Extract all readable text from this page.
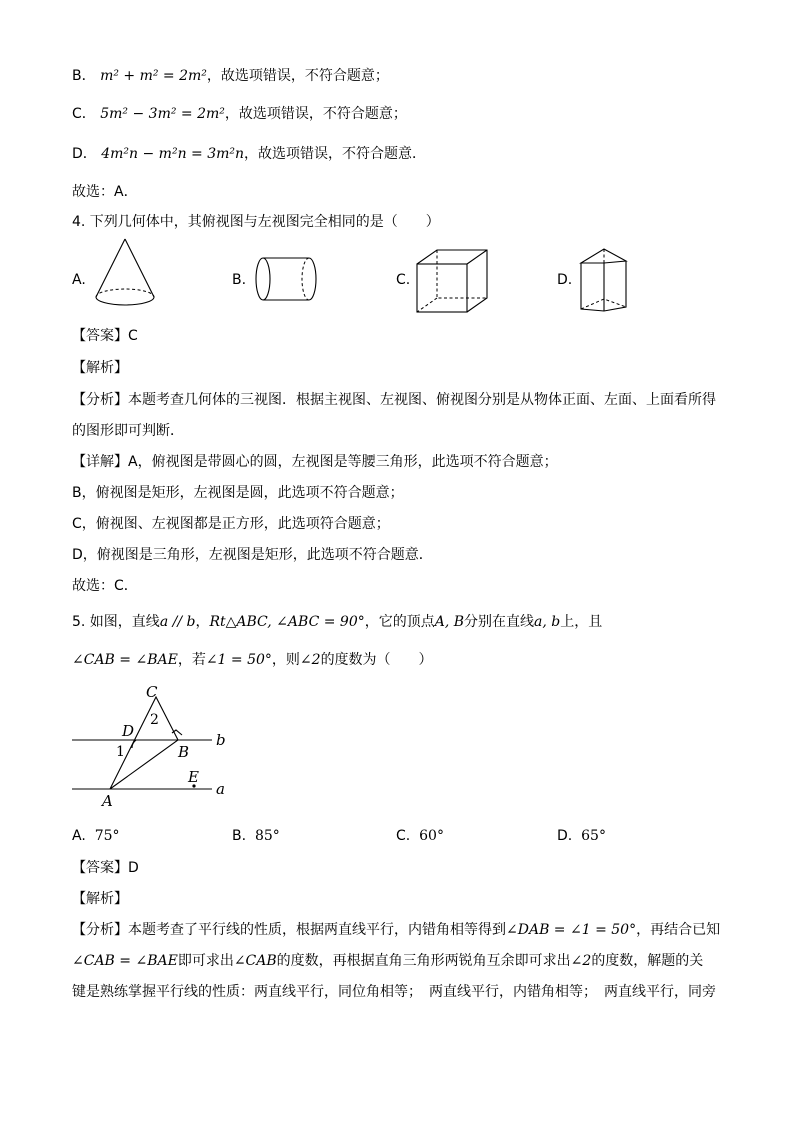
B． m² + m² = 2m²，故选项错误，不符合题意；
C． 5m² − 3m² = 2m²，故选项错误，不符合题意；
D． 4m²n − m²n = 3m²n，故选项错误，不符合题意．
故选：A．
4. 下列几何体中，其俯视图与左视图完全相同的是（　　）
A.	B.	C.	D.
【答案】C
【解析】
【分析】本题考查几何体的三视图．根据主视图、左视图、俯视图分别是从物体正面、左面、上面看所得
的图形即可判断．
【详解】A，俯视图是带圆心的圆，左视图是等腰三角形，此选项不符合题意；
B，俯视图是矩形，左视图是圆，此选项不符合题意；
C，俯视图、左视图都是正方形，此选项符合题意；
D，俯视图是三角形，左视图是矩形，此选项不符合题意．
故选：C．
5. 如图，直线a // b，Rt△ABC, ∠ABC = 90°，它的顶点A, B分别在直线a, b上，且
∠CAB = ∠BAE，若∠1 = 50°，则∠2的度数为（　　）
C
2
D
1	B
b
E
a
A
A. 75°	B. 85°	C. 60°	D. 65°
【答案】D
【解析】
【分析】本题考查了平行线的性质，根据两直线平行，内错角相等得到∠DAB = ∠1 = 50°，再结合已知
∠CAB = ∠BAE即可求出∠CAB的度数，再根据直角三角形两锐角互余即可求出∠2的度数，解题的关
键是熟练掌握平行线的性质：两直线平行，同位角相等；　两直线平行，内错角相等；　两直线平行，同旁
